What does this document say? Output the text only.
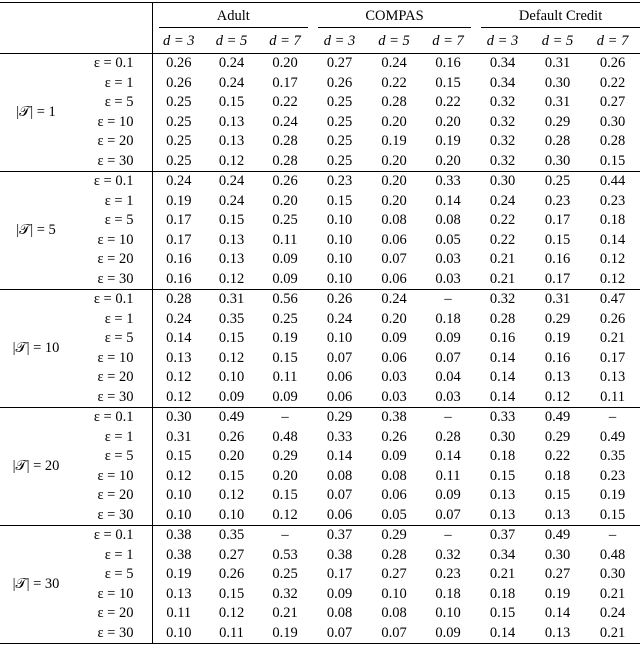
		Adult			COMPAS			Default Credit		

		d = 3	d = 5	d = 7	d = 3	d = 5	d = 7	d = 3	d = 5	d = 7
|𝒯| = 1	ε = 0.1	0.26	0.24	0.20	0.27	0.24	0.16	0.34	0.31	0.26
	ε = 1	0.26	0.24	0.17	0.26	0.22	0.15	0.34	0.30	0.22
	ε = 5	0.25	0.15	0.22	0.25	0.28	0.22	0.32	0.31	0.27
	ε = 10	0.25	0.13	0.24	0.25	0.20	0.20	0.32	0.29	0.30
	ε = 20	0.25	0.13	0.28	0.25	0.19	0.19	0.32	0.28	0.28
	ε = 30	0.25	0.12	0.28	0.25	0.20	0.20	0.32	0.30	0.15
|𝒯| = 5	ε = 0.1	0.24	0.24	0.26	0.23	0.20	0.33	0.30	0.25	0.44
	ε = 1	0.19	0.24	0.20	0.15	0.20	0.14	0.24	0.23	0.23
	ε = 5	0.17	0.15	0.25	0.10	0.08	0.08	0.22	0.17	0.18
	ε = 10	0.17	0.13	0.11	0.10	0.06	0.05	0.22	0.15	0.14
	ε = 20	0.16	0.13	0.09	0.10	0.07	0.03	0.21	0.16	0.12
	ε = 30	0.16	0.12	0.09	0.10	0.06	0.03	0.21	0.17	0.12
|𝒯| = 10	ε = 0.1	0.28	0.31	0.56	0.26	0.24	–	0.32	0.31	0.47
	ε = 1	0.24	0.35	0.25	0.24	0.20	0.18	0.28	0.29	0.26
	ε = 5	0.14	0.15	0.19	0.10	0.09	0.09	0.16	0.19	0.21
	ε = 10	0.13	0.12	0.15	0.07	0.06	0.07	0.14	0.16	0.17
	ε = 20	0.12	0.10	0.11	0.06	0.03	0.04	0.14	0.13	0.13
	ε = 30	0.12	0.09	0.09	0.06	0.03	0.03	0.14	0.12	0.11
|𝒯| = 20	ε = 0.1	0.30	0.49	–	0.29	0.38	–	0.33	0.49	–
	ε = 1	0.31	0.26	0.48	0.33	0.26	0.28	0.30	0.29	0.49
	ε = 5	0.15	0.20	0.29	0.14	0.09	0.14	0.18	0.22	0.35
	ε = 10	0.12	0.15	0.20	0.08	0.08	0.11	0.15	0.18	0.23
	ε = 20	0.10	0.12	0.15	0.07	0.06	0.09	0.13	0.15	0.19
	ε = 30	0.10	0.10	0.12	0.06	0.05	0.07	0.13	0.13	0.15
|𝒯| = 30	ε = 0.1	0.38	0.35	–	0.37	0.29	–	0.37	0.49	–
	ε = 1	0.38	0.27	0.53	0.38	0.28	0.32	0.34	0.30	0.48
	ε = 5	0.19	0.26	0.25	0.17	0.27	0.23	0.21	0.27	0.30
	ε = 10	0.13	0.15	0.32	0.09	0.10	0.18	0.18	0.19	0.21
	ε = 20	0.11	0.12	0.21	0.08	0.08	0.10	0.15	0.14	0.24
	ε = 30	0.10	0.11	0.19	0.07	0.07	0.09	0.14	0.13	0.21
